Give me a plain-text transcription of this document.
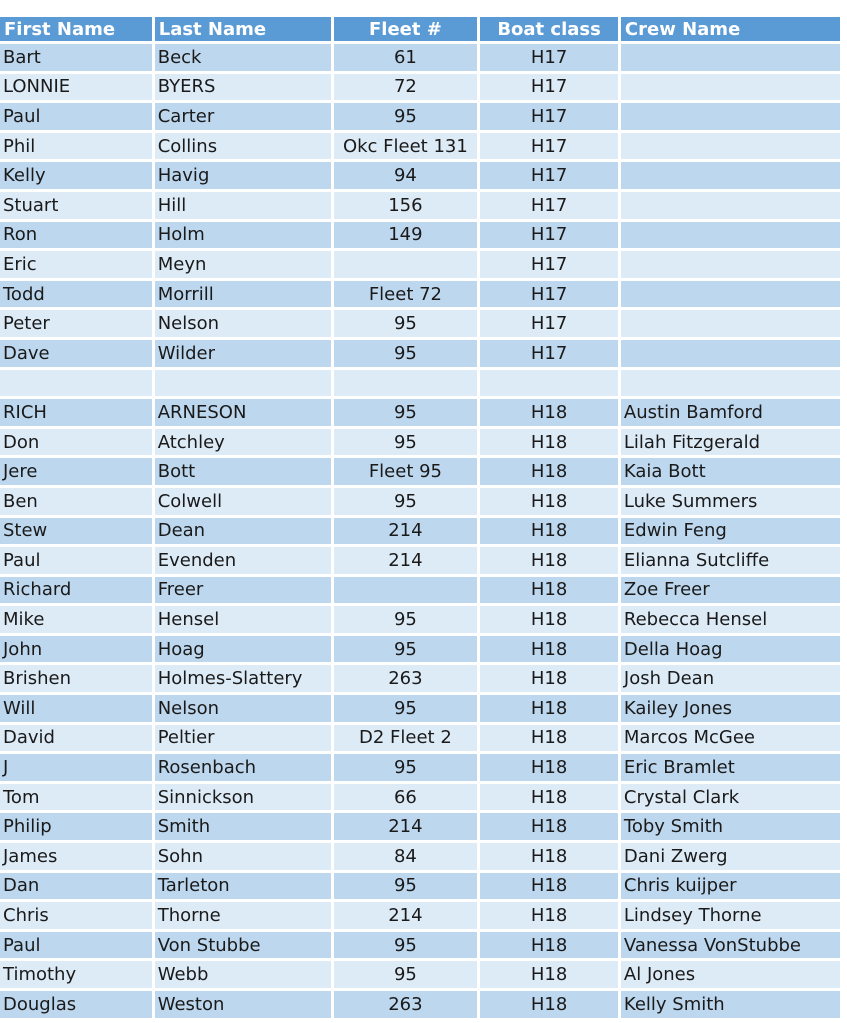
First Name	Last Name	Fleet #	Boat class	Crew Name
Bart	Beck	61	H17	
LONNIE	BYERS	72	H17	
Paul	Carter	95	H17	
Phil	Collins	Okc Fleet 131	H17	
Kelly	Havig	94	H17	
Stuart	Hill	156	H17	
Ron	Holm	149	H17	
Eric	Meyn		H17	
Todd	Morrill	Fleet 72	H17	
Peter	Nelson	95	H17	
Dave	Wilder	95	H17	

RICH	ARNESON	95	H18	Austin Bamford
Don	Atchley	95	H18	Lilah Fitzgerald
Jere	Bott	Fleet 95	H18	Kaia Bott
Ben	Colwell	95	H18	Luke Summers
Stew	Dean	214	H18	Edwin Feng
Paul	Evenden	214	H18	Elianna Sutcliffe
Richard	Freer		H18	Zoe Freer
Mike	Hensel	95	H18	Rebecca Hensel
John	Hoag	95	H18	Della Hoag
Brishen	Holmes-Slattery	263	H18	Josh Dean
Will	Nelson	95	H18	Kailey Jones
David	Peltier	D2 Fleet 2	H18	Marcos McGee
J	Rosenbach	95	H18	Eric Bramlet
Tom	Sinnickson	66	H18	Crystal Clark
Philip	Smith	214	H18	Toby Smith
James	Sohn	84	H18	Dani Zwerg
Dan	Tarleton	95	H18	Chris kuijper
Chris	Thorne	214	H18	Lindsey Thorne
Paul	Von Stubbe	95	H18	Vanessa VonStubbe
Timothy	Webb	95	H18	Al Jones
Douglas	Weston	263	H18	Kelly Smith
